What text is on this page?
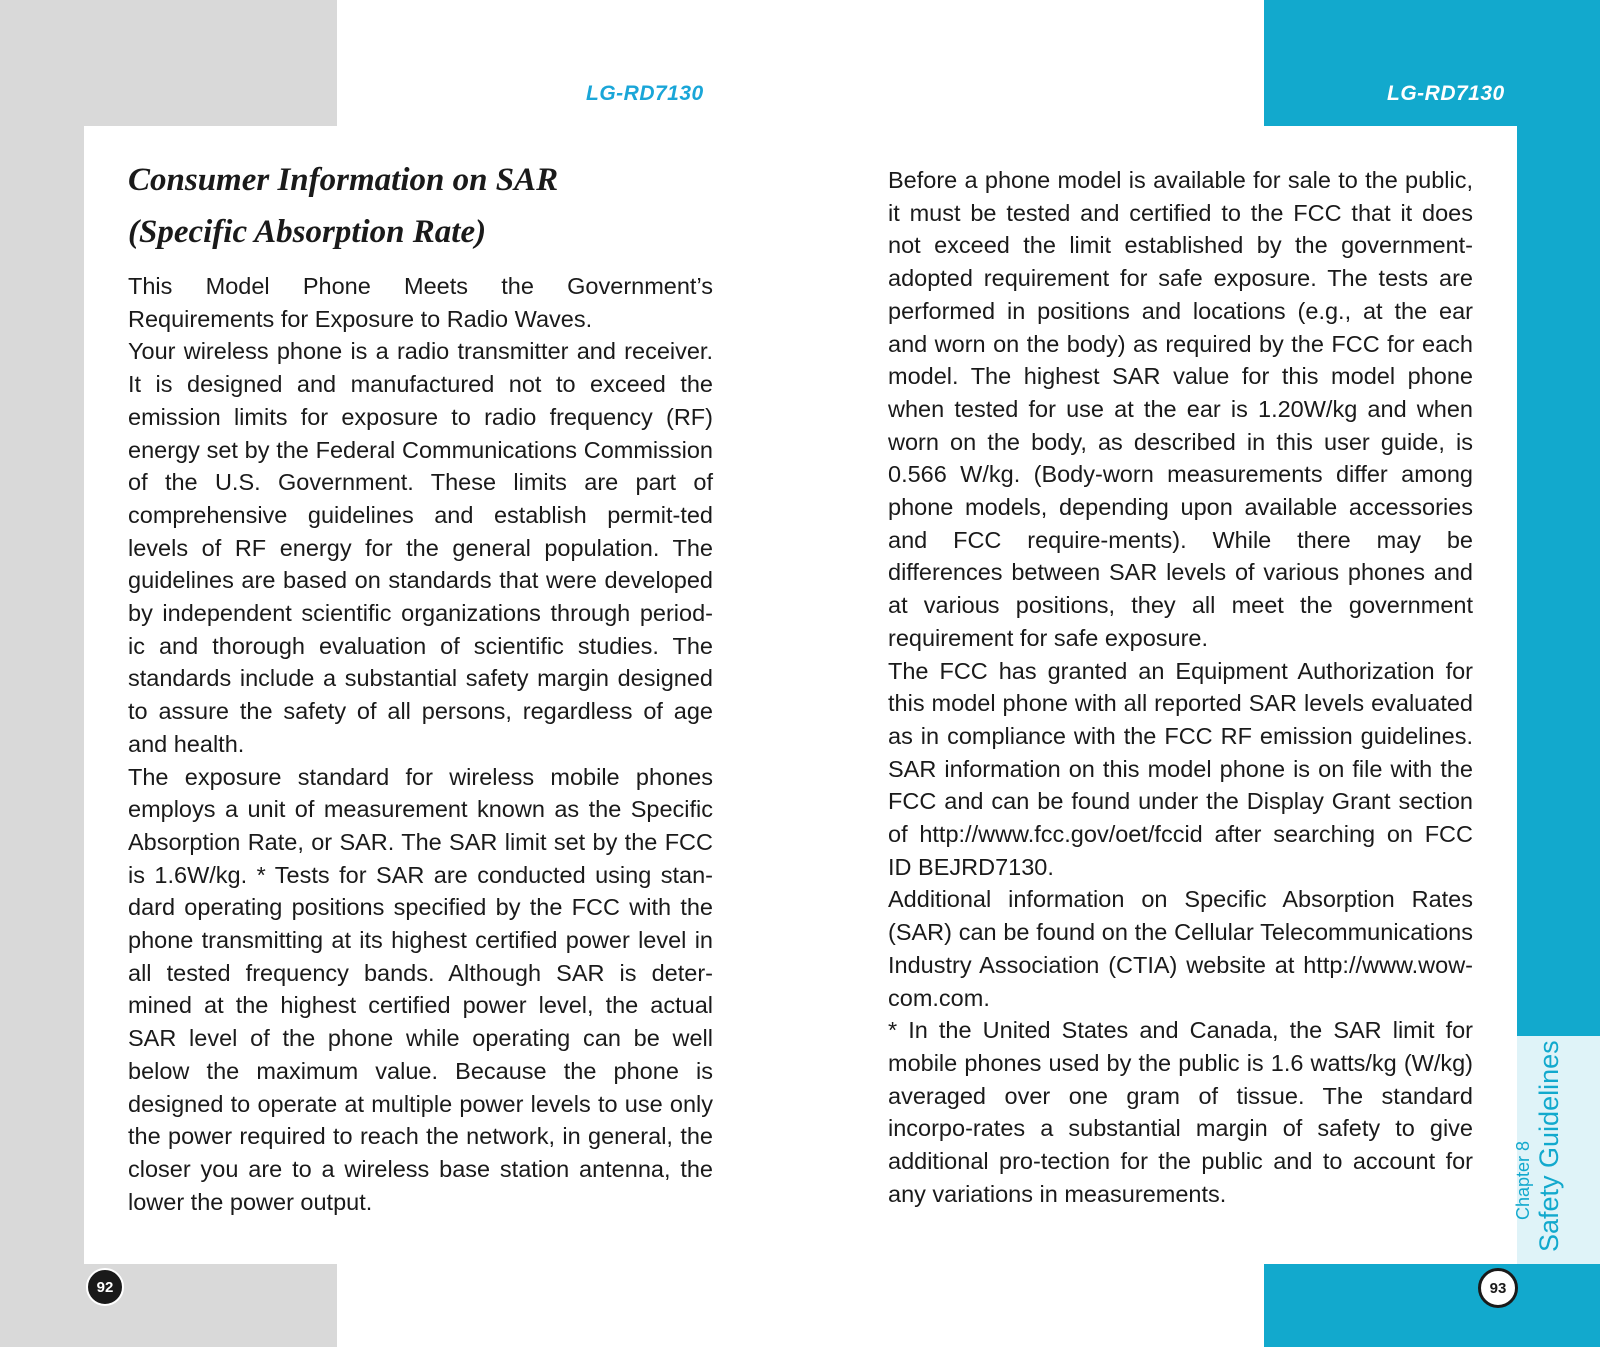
LG-RD7130	LG-RD7130
Consumer Information on SAR
(Specific Absorption Rate)

This Model Phone Meets the Government’s Requirements for Exposure to Radio Waves.

Your wireless phone is a radio transmitter and receiver. It is designed and manufactured not to exceed the emission limits for exposure to radio frequency (RF) energy set by the Federal Communications Commission of the U.S. Government. These limits are part of comprehensive guidelines and establish permit-ted levels of RF energy for the general population. The guidelines are based on standards that were developed by independent scientific organizations through period-ic and thorough evaluation of scientific studies. The standards include a substantial safety margin designed to assure the safety of all persons, regardless of age and health.

The exposure standard for wireless mobile phones employs a unit of measurement known as the Specific Absorption Rate, or SAR. The SAR limit set by the FCC is 1.6W/kg. * Tests for SAR are conducted using stan-dard operating positions specified by the FCC with the phone transmitting at its highest certified power level in all tested frequency bands. Although SAR is deter-mined at the highest certified power level, the actual SAR level of the phone while operating can be well below the maximum value. Because the phone is designed to operate at multiple power levels to use only the power required to reach the network, in general, the closer you are to a wireless base station antenna, the lower the power output.

Before a phone model is available for sale to the public, it must be tested and certified to the FCC that it does not exceed the limit established by the government-adopted requirement for safe exposure. The tests are performed in positions and locations (e.g., at the ear and worn on the body) as required by the FCC for each model. The highest SAR value for this model phone when tested for use at the ear is 1.20W/kg and when worn on the body, as described in this user guide, is 0.566 W/kg. (Body-worn measurements differ among phone models, depending upon available accessories and FCC require-ments). While there may be differences between SAR levels of various phones and at various positions, they all meet the government requirement for safe exposure.

The FCC has granted an Equipment Authorization for this model phone with all reported SAR levels evaluated as in compliance with the FCC RF emission guidelines. SAR information on this model phone is on file with the FCC and can be found under the Display Grant section of http://www.fcc.gov/oet/fccid after searching on FCC ID BEJRD7130.

Additional information on Specific Absorption Rates (SAR) can be found on the Cellular Telecommunications Industry Association (CTIA) website at http://www.wow-com.com.

* In the United States and Canada, the SAR limit for mobile phones used by the public is 1.6 watts/kg (W/kg) averaged over one gram of tissue. The standard incorpo-rates a substantial margin of safety to give additional pro-tection for the public and to account for any variations in measurements.	Chapter 8 Safety Guidelines
92	93
